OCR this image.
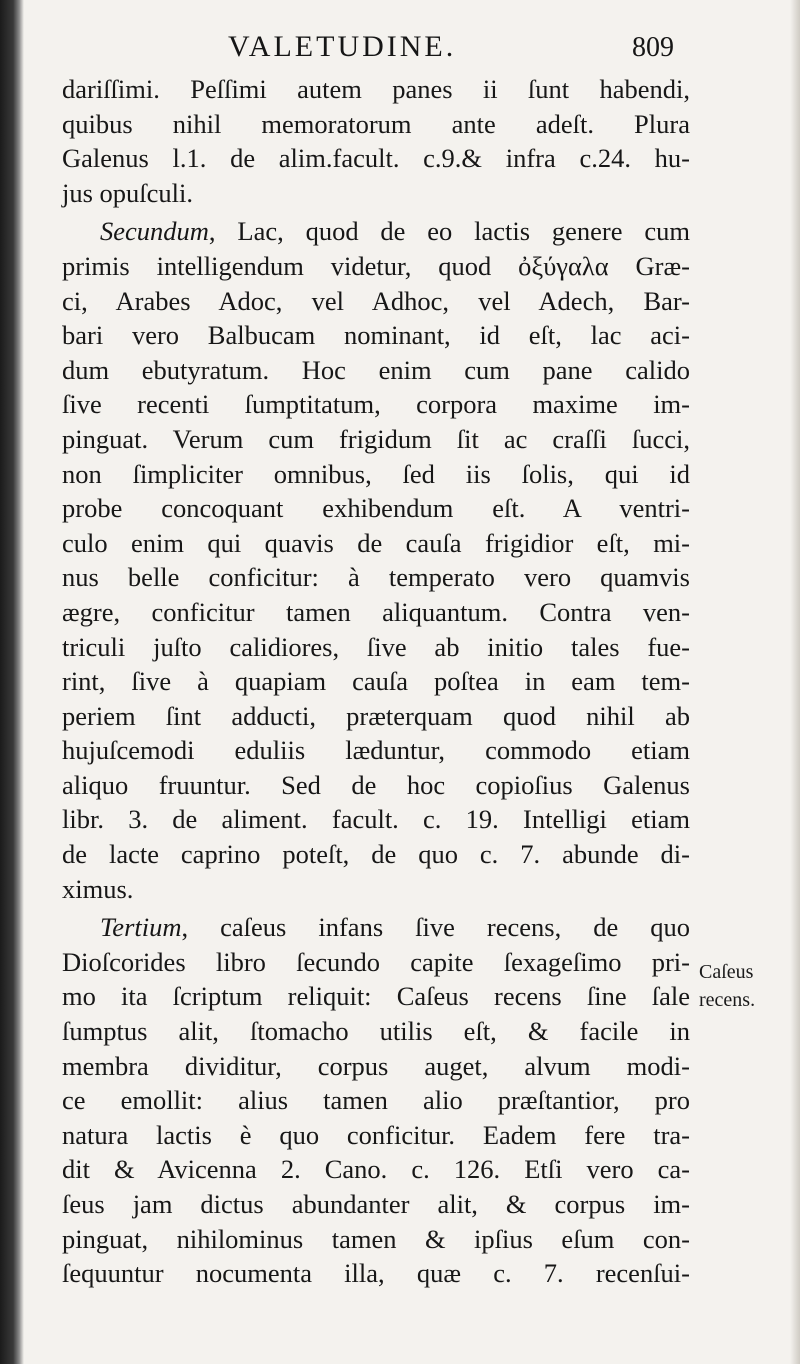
VALETUDINE.	809
dariſſimi. Peſſimi autem panes ii ſunt habendi,
quibus nihil memoratorum ante adeſt. Plura
Galenus l.1. de alim.facult. c.9.& infra c.24. hu-
jus opuſculi.
Secundum, Lac, quod de eo lactis genere cum
primis intelligendum videtur, quod ὀξύγαλα Græ-
ci, Arabes Adoc, vel Adhoc, vel Adech, Bar-
bari vero Balbucam nominant, id eſt, lac aci-
dum ebutyratum. Hoc enim cum pane calido
ſive recenti ſumptitatum, corpora maxime im-
pinguat. Verum cum frigidum ſit ac craſſi ſucci,
non ſimpliciter omnibus, ſed iis ſolis, qui id
probe concoquant exhibendum eſt. A ventri-
culo enim qui quavis de cauſa frigidior eſt, mi-
nus belle conficitur: à temperato vero quamvis
ægre, conficitur tamen aliquantum. Contra ven-
triculi juſto calidiores, ſive ab initio tales fue-
rint, ſive à quapiam cauſa poſtea in eam tem-
periem ſint adducti, præterquam quod nihil ab
hujuſcemodi eduliis læduntur, commodo etiam
aliquo fruuntur. Sed de hoc copioſius Galenus
libr. 3. de aliment. facult. c. 19. Intelligi etiam
de lacte caprino poteſt, de quo c. 7. abunde di-
ximus.
Tertium, caſeus infans ſive recens, de quo
Dioſcorides libro ſecundo capite ſexageſimo pri-
mo ita ſcriptum reliquit: Caſeus recens ſine ſale
ſumptus alit, ſtomacho utilis eſt, & facile in
membra dividitur, corpus auget, alvum modi-
ce emollit: alius tamen alio præſtantior, pro
natura lactis è quo conficitur. Eadem fere tra-
dit & Avicenna 2. Cano. c. 126. Etſi vero ca-
ſeus jam dictus abundanter alit, & corpus im-
pinguat, nihilominus tamen & ipſius eſum con-
ſequuntur nocumenta illa, quæ c. 7. recenſui-
Caſeus
recens.
